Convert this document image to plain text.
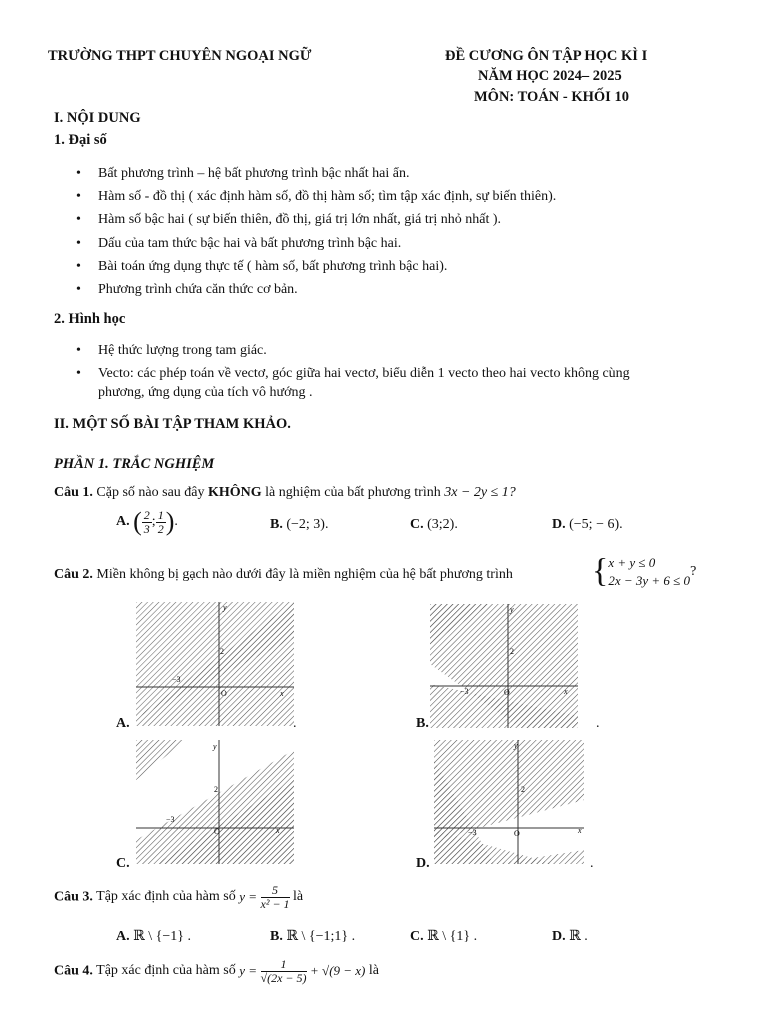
TRƯỜNG THPT CHUYÊN NGOẠI NGỮ	ĐỀ CƯƠNG ÔN TẬP HỌC KÌ I
NĂM HỌC 2024– 2025
MÔN: TOÁN - KHỐI 10
I. NỘI DUNG
1. Đại số
• Bất phương trình – hệ bất phương trình bậc nhất hai ẩn.
• Hàm số - đồ thị ( xác định hàm số, đồ thị hàm số; tìm tập xác định, sự biến thiên).
• Hàm số bậc hai ( sự biến thiên, đồ thị, giá trị lớn nhất, giá trị nhỏ nhất ).
• Dấu của tam thức bậc hai và bất phương trình bậc hai.
• Bài toán ứng dụng thực tế ( hàm số, bất phương trình bậc hai).
• Phương trình chứa căn thức cơ bản.
2. Hình học
• Hệ thức lượng trong tam giác.
• Vecto: các phép toán về vectơ, góc giữa hai vectơ, biểu diễn 1 vecto theo hai vecto không cùng
phương, ứng dụng của tích vô hướng .
II. MỘT SỐ BÀI TẬP THAM KHẢO.
PHẦN 1. TRẮC NGHIỆM
Câu 1. Cặp số nào sau đây KHÔNG là nghiệm của bất phương trình 3x − 2y ≤ 1?
A. ( $\frac{2}{3}$ ; $\frac{1}{2}$ ).	B. (−2; 3).	C. (3;2).	D. (−5; − 6).
Câu 2. Miền không bị gạch nào dưới đây là miền nghiệm của hệ bất phương trình { x + y ≤ 0
2x − 3y + 6 ≤ 0
?
y
x
O
2
−3
A.	.
y
x
O
2
−3
B.	.
y
x
O
2
−3
C.
y
x
O
2
−3
D.	.
Câu 3. Tập xác định của hàm số $y = \frac{5}{\text{x² − 1}}$ là
A. ℝ \ {−1} .	B. ℝ \ {−1;1} .	C. ℝ \ {1} .	D. ℝ .
Câu 4. Tập xác định của hàm số $y = \frac{1}{√(2x - 5)} + √(9 - x)$ là
